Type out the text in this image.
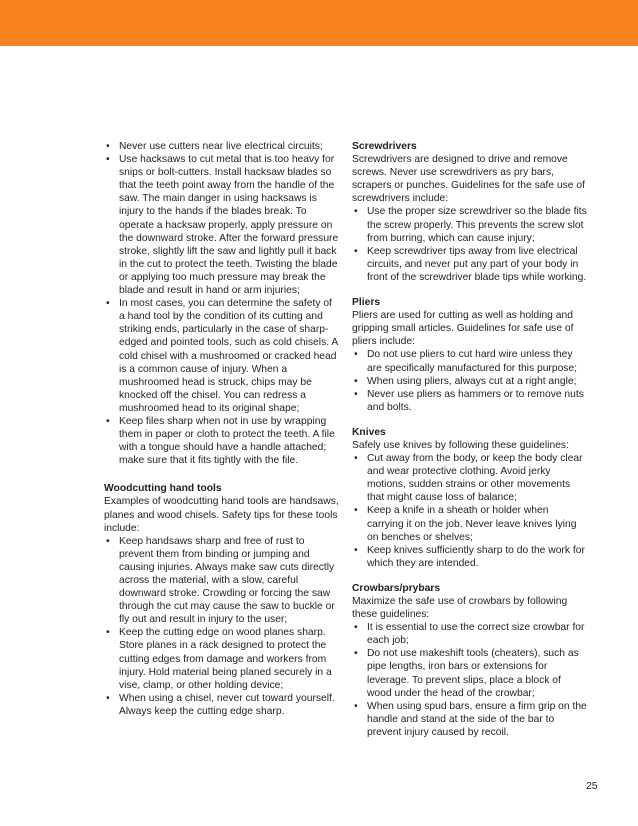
• Never use cutters near live electrical circuits;
• Use hacksaws to cut metal that is too heavy for snips or bolt-cutters. Install hacksaw blades so that the teeth point away from the handle of the saw. The main danger in using hacksaws is injury to the hands if the blades break. To operate a hacksaw properly, apply pressure on the downward stroke. After the forward pressure stroke, slightly lift the saw and lightly pull it back in the cut to protect the teeth. Twisting the blade or applying too much pressure may break the blade and result in hand or arm injuries;
• In most cases, you can determine the safety of a hand tool by the condition of its cutting and striking ends, particularly in the case of sharp-edged and pointed tools, such as cold chisels. A cold chisel with a mushroomed or cracked head is a common cause of injury. When a mushroomed head is struck, chips may be knocked off the chisel. You can redress a mushroomed head to its original shape;
• Keep files sharp when not in use by wrapping them in paper or cloth to protect the teeth. A file with a tongue should have a handle attached; make sure that it fits tightly with the file.
Woodcutting hand tools

Examples of woodcutting hand tools are handsaws, planes and wood chisels. Safety tips for these tools include:

• Keep handsaws sharp and free of rust to prevent them from binding or jumping and causing injuries. Always make saw cuts directly across the material, with a slow, careful downward stroke. Crowding or forcing the saw through the cut may cause the saw to buckle or fly out and result in injury to the user;
• Keep the cutting edge on wood planes sharp. Store planes in a rack designed to protect the cutting edges from damage and workers from injury. Hold material being planed securely in a vise, clamp, or other holding device;
• When using a chisel, never cut toward yourself. Always keep the cutting edge sharp.
Screwdrivers

Screwdrivers are designed to drive and remove screws. Never use screwdrivers as pry bars, scrapers or punches. Guidelines for the safe use of screwdrivers include:

• Use the proper size screwdriver so the blade fits the screw properly. This prevents the screw slot from burring, which can cause injury;
• Keep screwdriver tips away from live electrical circuits, and never put any part of your body in front of the screwdriver blade tips while working.
Pliers

Pliers are used for cutting as well as holding and gripping small articles. Guidelines for safe use of pliers include:

• Do not use pliers to cut hard wire unless they are specifically manufactured for this purpose;
• When using pliers, always cut at a right angle;
• Never use pliers as hammers or to remove nuts and bolts.
Knives

Safely use knives by following these guidelines:

• Cut away from the body, or keep the body clear and wear protective clothing. Avoid jerky motions, sudden strains or other movements that might cause loss of balance;
• Keep a knife in a sheath or holder when carrying it on the job. Never leave knives lying on benches or shelves;
• Keep knives sufficiently sharp to do the work for which they are intended.
Crowbars/prybars

Maximize the safe use of crowbars by following these guidelines:

• It is essential to use the correct size crowbar for each job;
• Do not use makeshift tools (cheaters), such as pipe lengths, iron bars or extensions for leverage. To prevent slips, place a block of wood under the head of the crowbar;
• When using spud bars, ensure a firm grip on the handle and stand at the side of the bar to prevent injury caused by recoil.
25
